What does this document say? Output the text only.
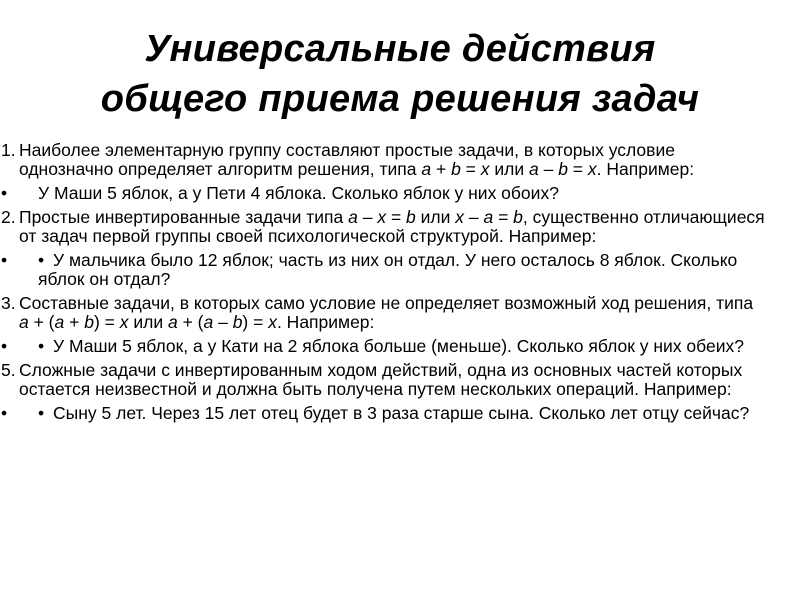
Универсальные действия
общего приема решения задач
1. Наиболее элементарную группу составляют простые задачи, в которых условие однозначно определяет алгоритм решения, типа a + b = x или a – b = x. Например:
•	У Маши 5 яблок, а у Пети 4 яблока. Сколько яблок у них обоих?
2. Простые инвертированные задачи типа a – x = b или x – a = b, существенно отличающиеся от задач первой группы своей психологической структурой. Например:
•	• У мальчика было 12 яблок; часть из них он отдал. У него осталось 8 яблок. Сколько яблок он отдал?
3. Составные задачи, в которых само условие не определяет возможный ход решения, типа a + (a + b) = x или a + (a – b) = x. Например:
•	• У Маши 5 яблок, а у Кати на 2 яблока больше (меньше). Сколько яблок у них обеих?
5. Сложные задачи с инвертированным ходом действий, одна из основных частей которых остается неизвестной и должна быть получена путем нескольких операций. Например:
•	• Сыну 5 лет. Через 15 лет отец будет в 3 раза старше сына. Сколько лет отцу сейчас?
